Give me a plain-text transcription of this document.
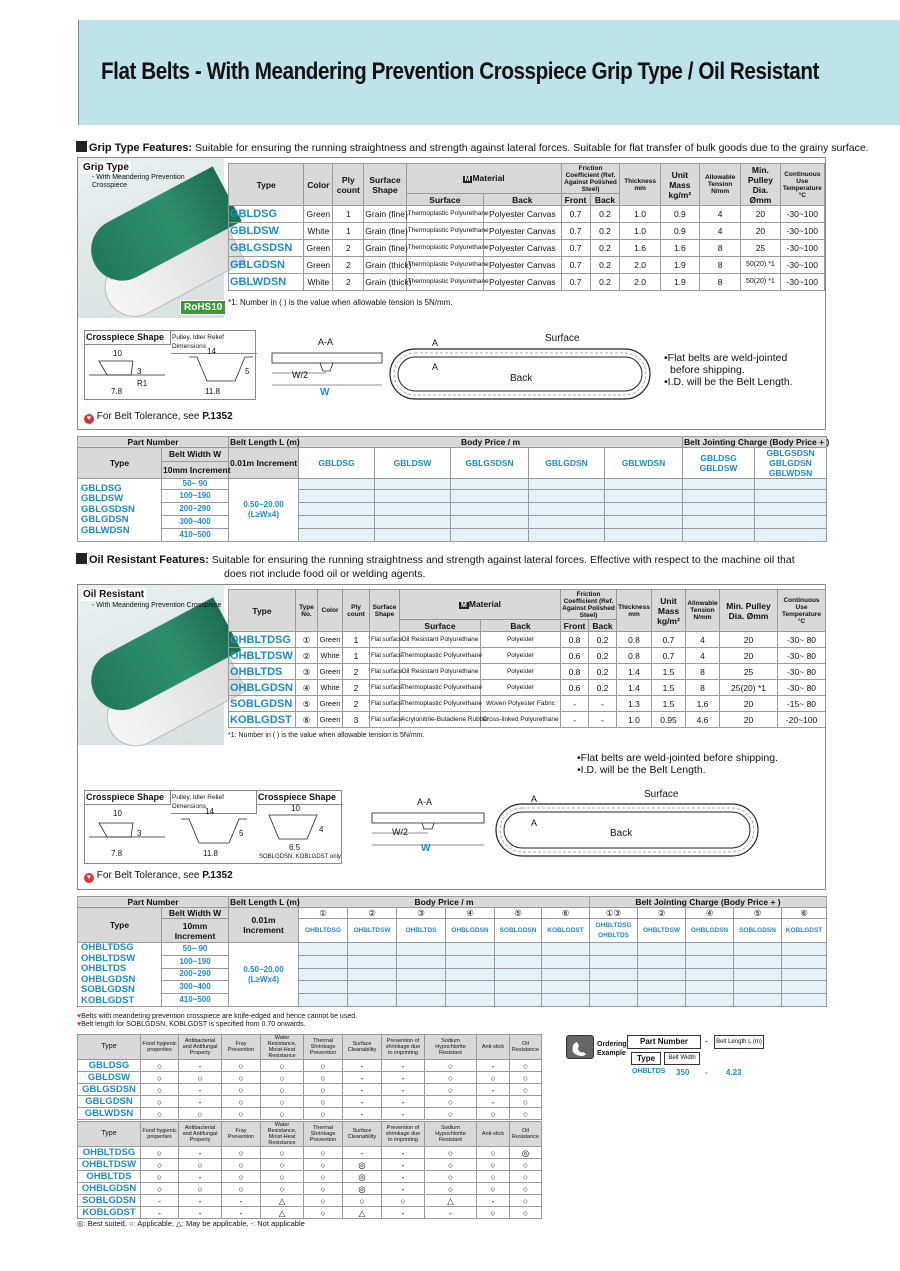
Flat Belts - With Meandering Prevention Crosspiece Grip Type / Oil Resistant
Grip Type Features: Suitable for ensuring the running straightness and strength against lateral forces. Suitable for flat transfer of bulk goods due to the grainy surface.
Grip Type
- With Meandering Prevention
Crosspiece
RoHS10
Type	Color	Ply count	Surface Shape	M Material		Friction Coefficient (Ref. Against Polished Steel)		Thickness mm	Unit Mass kg/m²	Allowable Tension N/mm	Min. Pulley Dia. Ømm	Continuous Use Temperature °C
				Surface	Back	Front	Back					
GBLDSG	Green	1	Grain (fine)	Thermoplastic Polyurethane	Polyester Canvas	0.7	0.2	1.0	0.9	4	20	-30~100
GBLDSW	White	1	Grain (fine)	Thermoplastic Polyurethane	Polyester Canvas	0.7	0.2	1.0	0.9	4	20	-30~100
GBLGSDSN	Green	2	Grain (fine)	Thermoplastic Polyurethane	Polyester Canvas	0.7	0.2	1.6	1.6	8	25	-30~100
GBLGDSN	Green	2	Grain (thick)	Thermoplastic Polyurethane	Polyester Canvas	0.7	0.2	2.0	1.9	8	50(20) *1	-30~100
GBLWDSN	White	2	Grain (thick)	Thermoplastic Polyurethane	Polyester Canvas	0.7	0.2	2.0	1.9	8	50(20) *1	-30~100
*1: Number in ( ) is the value when allowable tension is 5N/mm.
Crosspiece Shape	Pulley, Idler Relief Dimensions
10
3
R1
7.8
14
5
11.8
A-A
W/2
W
A
A
Surface
Back
•Flat belts are weld-jointed
before shipping.
•I.D. will be the Belt Length.
♥ For Belt Tolerance, see P.1352
Part Number		Belt Length L (m)	Body Price / m					Belt Jointing Charge (Body Price + )	
Type	Belt Width W	0.01m Increment	GBLDSG	GBLDSW	GBLGSDSN	GBLGDSN	GBLWDSN	GBLDSG GBLDSW	GBLGSDSN GBLGDSN GBLWDSN
	10mm Increment								
GBLDSG GBLDSW GBLGSDSN GBLGDSN GBLWDSN	50~ 90	0.50~20.00 (L≥Wx4)							
	100~190								
	200~290								
	300~400								
	410~500								
Oil Resistant Features: Suitable for ensuring the running straightness and strength against lateral forces. Effective with respect to the machine oil that
does not include food oil or welding agents.
Oil Resistant
- With Meandering Prevention Crosspiece	Type	Type No.	Color	Ply count	Surface Shape	M Material		Friction Coefficient (Ref. Against Polished Steel)		Thickness mm	Unit Mass kg/m²	Allowable Tension N/mm	Min. Pulley Dia. Ømm	Continuous Use Temperature °C
					Surface	Back	Front	Back					
OHBLTDSG	①	Green	1	Flat surface	Oil Resistant Polyurethane	Polyester	0.8	0.2	0.8	0.7	4	20	-30~ 80
OHBLTDSW	②	White	1	Flat surface	Thermoplastic Polyurethane	Polyester	0.6	0.2	0.8	0.7	4	20	-30~ 80
OHBLTDS	③	Green	2	Flat surface	Oil Resistant Polyurethane	Polyester	0.8	0.2	1.4	1.5	8	25	-30~ 80
OHBLGDSN	④	White	2	Flat surface	Thermoplastic Polyurethane	Polyester	0.6	0.2	1.4	1.5	8	25(20) *1	-30~ 80
SOBLGDSN	⑤	Green	2	Flat surface	Thermoplastic Polyurethane	Woven Polyester Fabric	-	-	1.3	1.5	1.6	20	-15~ 80
KOBLGDST	⑥	Green	3	Flat surface	Acrylonitrile-Butadiene Rubber	Cross-linked Polyurethane	-	-	1.0	0.95	4.6	20	-20~100
*1: Number in ( ) is the value when allowable tension is 5N/mm.
•Flat belts are weld-jointed before shipping.
•I.D. will be the Belt Length.
Crosspiece Shape	Pulley, Idler Relief Dimensions
Crosspiece Shape
10
3
7.8
14
5
11.8
10
4
6.5
SOBLGDSN, KOBLGDST only
A-A
W/2
W
A
A
Surface
Back
♥ For Belt Tolerance, see P.1352
Part Number		Belt Length L (m)	Body Price / m						Belt Jointing Charge (Body Price + )				
Type	Belt Width W	0.01m Increment	①	②	③	④	⑤	⑥	①③	②	④	⑤	⑥
	10mm Increment		OHBLTDSG	OHBLTDSW	OHBLTDS	OHBLGDSN	SOBLGDSN	KOBLGDST	OHBLTDSG OHBLTDS	OHBLTDSW	OHBLGDSN	SOBLGDSN	KOBLGDST

OHBLTDSG OHBLTDSW OHBLTDS OHBLGDSN SOBLGDSN KOBLGDST	50~ 90	0.50~20.00 (L≥Wx4)											
	100~190												
	200~290												
	300~400												
	410~500												
♥Belts with meandering prevention crosspiece are knife-edged and hence cannot be used.
♥Belt length for SOBLGDSN, KOBLGDST is specified from 0.70 onwards.
Type	Food hygienic properties	Antibacterial and Antifungal Property	Fray Prevention	Water Resistance, Moist-Heat Resistance	Thermal Shrinkage Prevention	Surface Cleanability	Prevention of shrinkage due to imprinting	Sodium Hypochlorite Resistant	Anti-stick	Oil Resistance
GBLDSG	○	-	○	○	○	-	-	○	-	○
GBLDSW	○	○	○	○	○	-	-	○	○	○
GBLGSDSN	○	-	○	○	○	-	-	○	-	○
GBLGDSN	○	-	○	○	○	-	-	○	-	○
GBLWDSN	○	○	○	○	○	-	-	○	○	○
Type	Food hygienic properties	Antibacterial and Antifungal Property	Fray Prevention	Water Resistance, Moist-Heat Resistance	Thermal Shrinkage Prevention	Surface Cleanability	Prevention of shrinkage due to imprinting	Sodium Hypochlorite Resistant	Anti-stick	Oil Resistance
OHBLTDSG	○	-	○	○	○	-	-	○	○	◎
OHBLTDSW	○	○	○	○	○	◎	-	○	○	○
OHBLTDS	○	-	○	○	○	◎	-	○	○	○
OHBLGDSN	○	○	○	○	○	◎	-	○	○	○
SOBLGDSN	-	-	-	△	○	○	○	△	-	○
KOBLGDST	-	-	-	△	○	△	-	-	○	○
◎: Best suited, ○: Applicable, △: May be applicable, -: Not applicable
Ordering
Example
Part Number	-	Belt Length L (m)
Type	Belt Width
OHBLTDS 350 - 4.23
